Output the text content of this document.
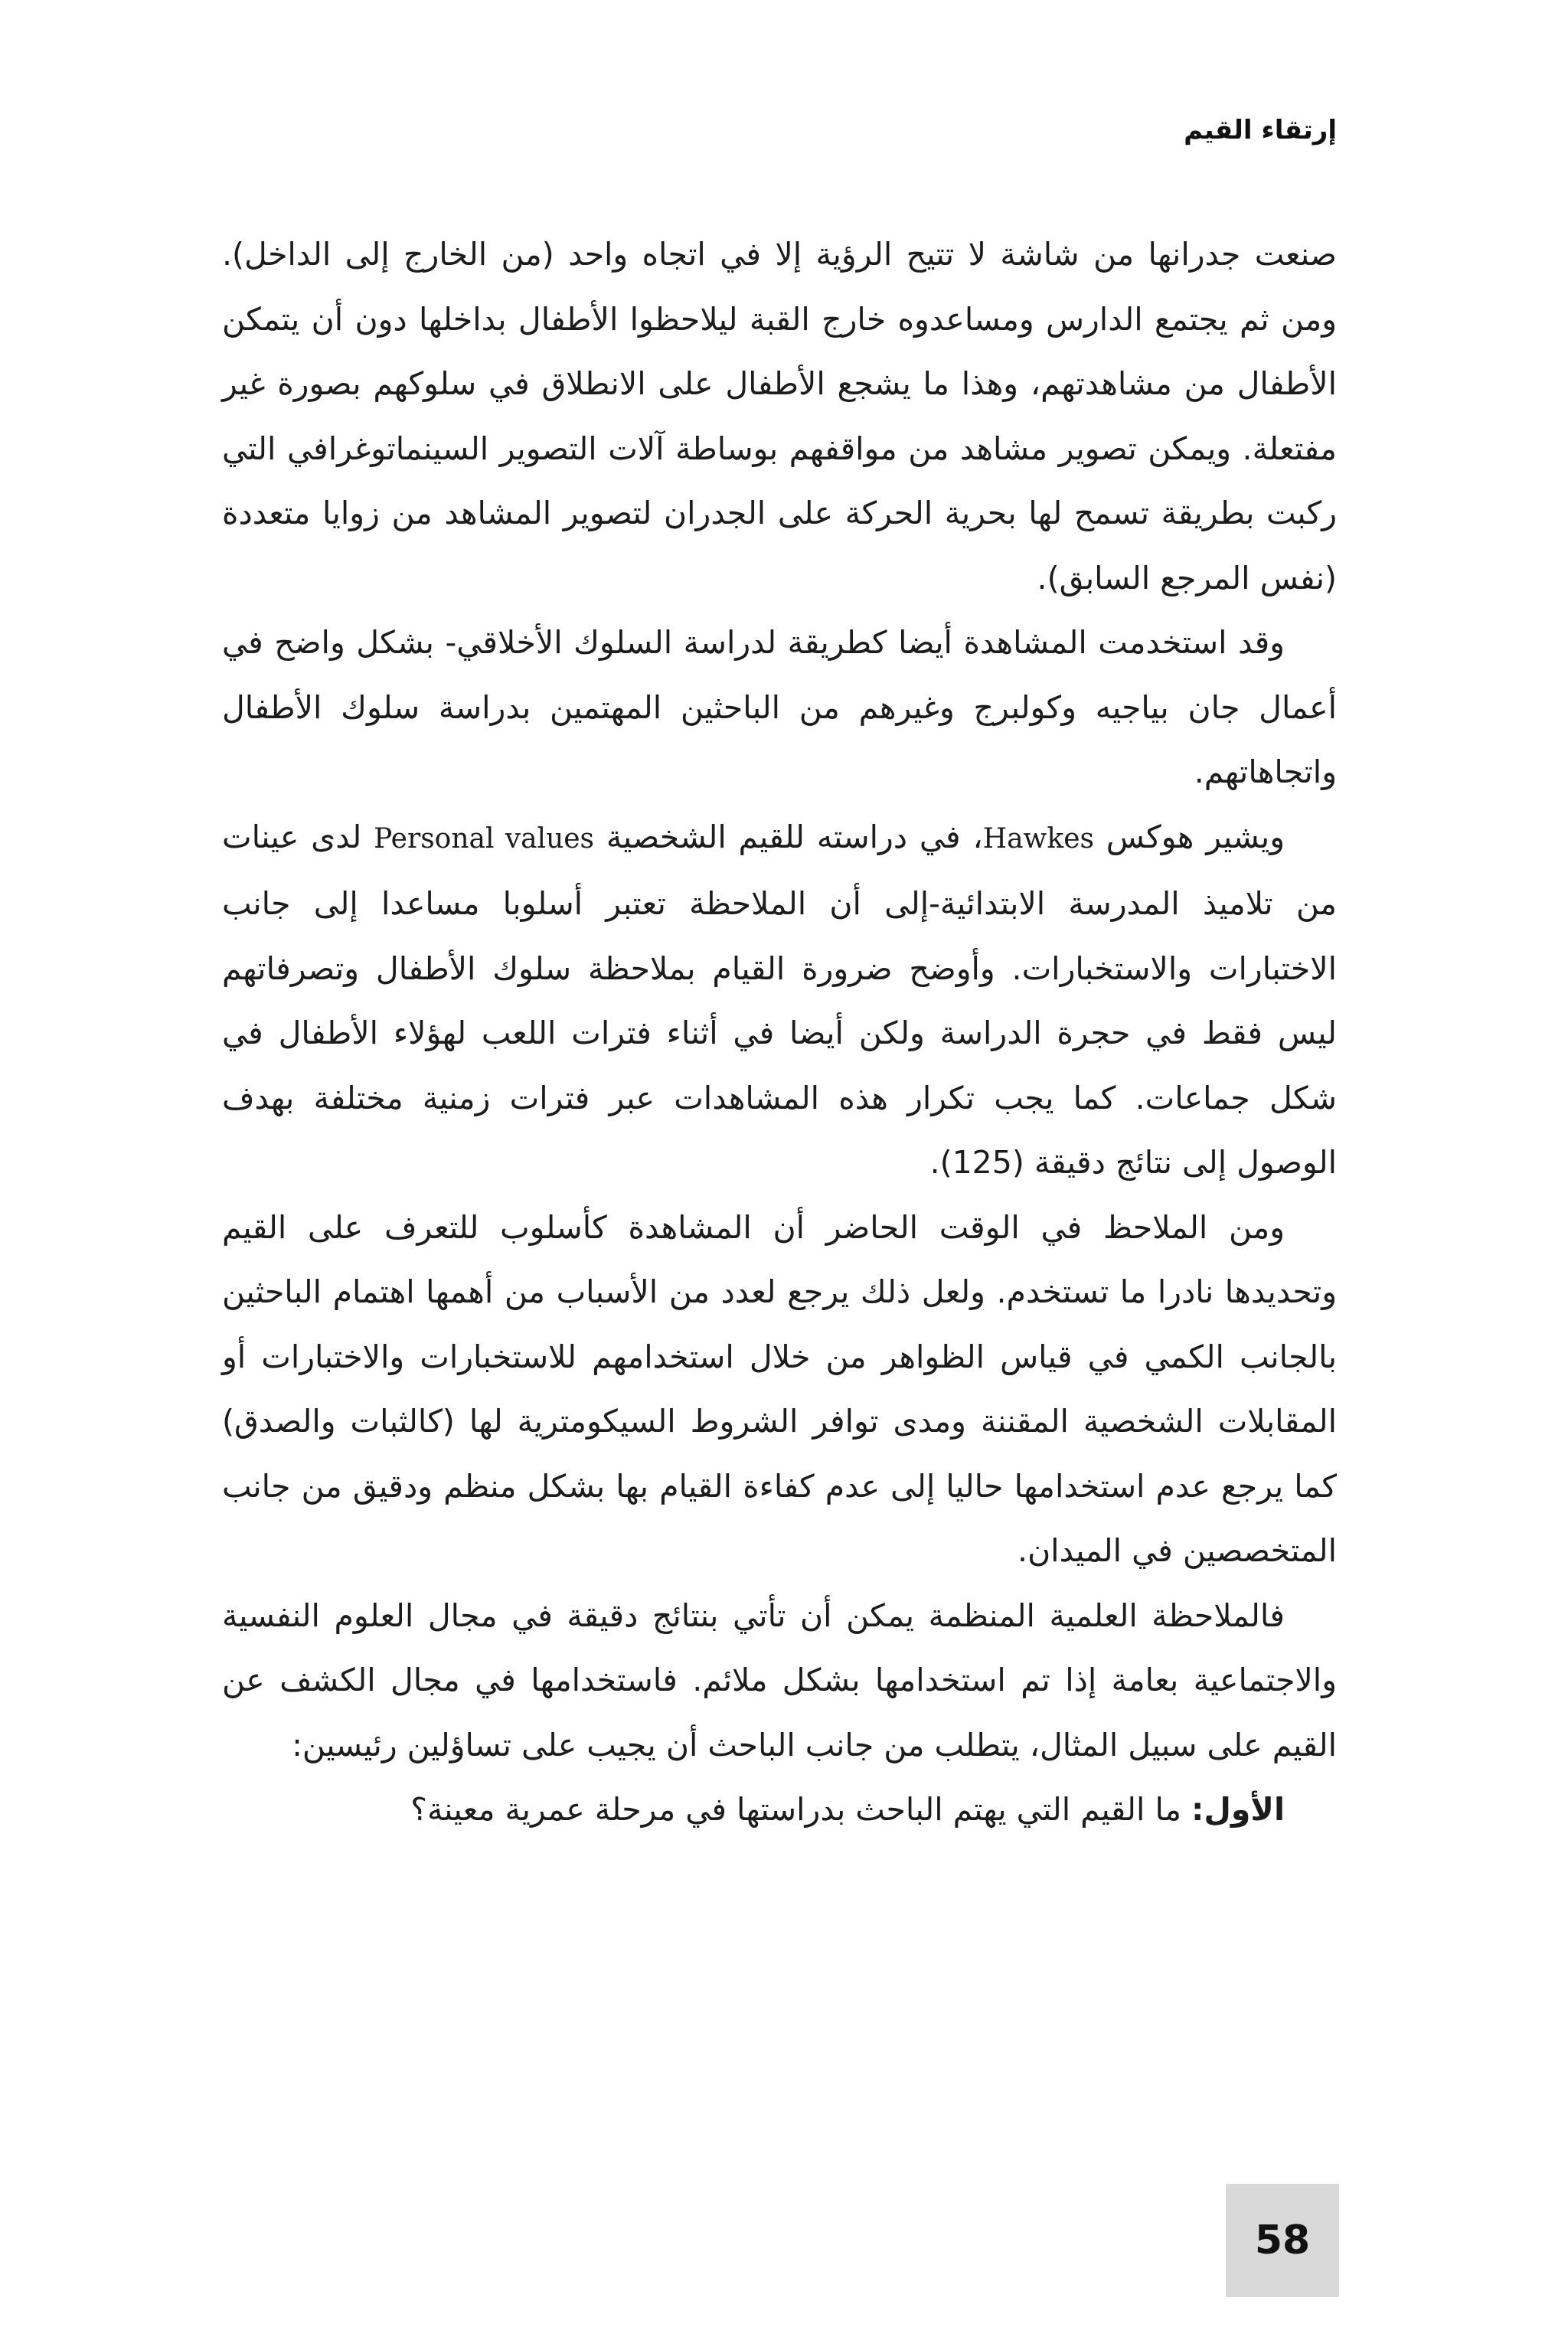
إرتقاء القيم

صنعت جدرانها من شاشة لا تتيح الرؤية إلا في اتجاه واحد (من الخارج إلى الداخل). ومن ثم يجتمع الدارس ومساعدوه خارج القبة ليلاحظوا الأطفال بداخلها دون أن يتمكن الأطفال من مشاهدتهم، وهذا ما يشجع الأطفال على الانطلاق في سلوكهم بصورة غير مفتعلة. ويمكن تصوير مشاهد من مواقفهم بوساطة آلات التصوير السينماتوغرافي التي ركبت بطريقة تسمح لها بحرية الحركة على الجدران لتصوير المشاهد من زوايا متعددة (نفس المرجع السابق).

وقد استخدمت المشاهدة أيضا كطريقة لدراسة السلوك الأخلاقي- بشكل واضح في أعمال جان بياجيه وكولبرج وغيرهم من الباحثين المهتمين بدراسة سلوك الأطفال واتجاهاتهم.

ويشير هوكس Hawkes، في دراسته للقيم الشخصية Personal values لدى عينات من تلاميذ المدرسة الابتدائية-إلى أن الملاحظة تعتبر أسلوبا مساعدا إلى جانب الاختبارات والاستخبارات. وأوضح ضرورة القيام بملاحظة سلوك الأطفال وتصرفاتهم ليس فقط في حجرة الدراسة ولكن أيضا في أثناء فترات اللعب لهؤلاء الأطفال في شكل جماعات. كما يجب تكرار هذه المشاهدات عبر فترات زمنية مختلفة بهدف الوصول إلى نتائج دقيقة (125).

ومن الملاحظ في الوقت الحاضر أن المشاهدة كأسلوب للتعرف على القيم وتحديدها نادرا ما تستخدم. ولعل ذلك يرجع لعدد من الأسباب من أهمها اهتمام الباحثين بالجانب الكمي في قياس الظواهر من خلال استخدامهم للاستخبارات والاختبارات أو المقابلات الشخصية المقننة ومدى توافر الشروط السيكومترية لها (كالثبات والصدق) كما يرجع عدم استخدامها حاليا إلى عدم كفاءة القيام بها بشكل منظم ودقيق من جانب المتخصصين في الميدان.

فالملاحظة العلمية المنظمة يمكن أن تأتي بنتائج دقيقة في مجال العلوم النفسية والاجتماعية بعامة إذا تم استخدامها بشكل ملائم. فاستخدامها في مجال الكشف عن القيم على سبيل المثال، يتطلب من جانب الباحث أن يجيب على تساؤلين رئيسين:

الأول: ما القيم التي يهتم الباحث بدراستها في مرحلة عمرية معينة؟

58
